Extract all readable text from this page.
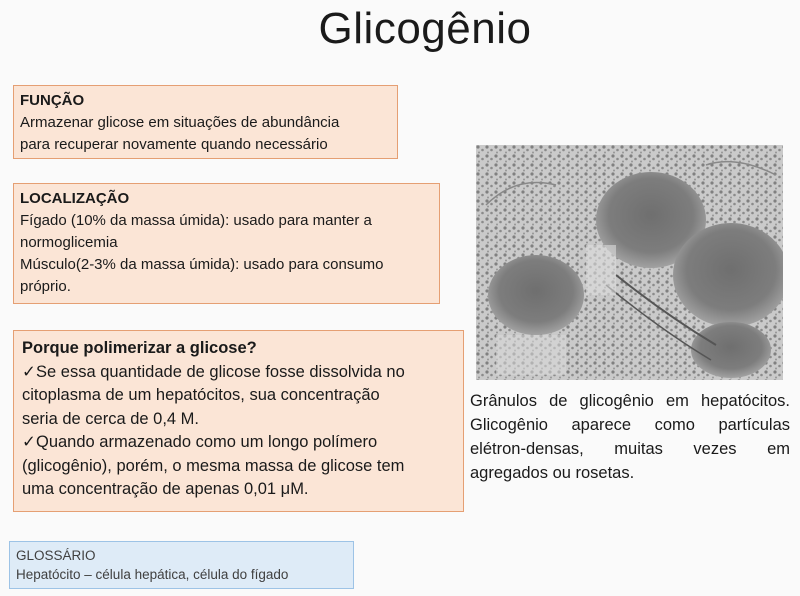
Glicogênio
FUNÇÃO
Armazenar glicose em situações de abundância
para recuperar novamente quando necessário
LOCALIZAÇÃO
Fígado (10% da massa úmida): usado para manter a
normoglicemia
Músculo(2-3% da massa úmida): usado para consumo
próprio.
Porque polimerizar a glicose?
✓Se essa quantidade de glicose fosse dissolvida no
citoplasma de um hepatócitos, sua concentração
seria de cerca de 0,4 M.
✓Quando armazenado como um longo polímero
(glicogênio), porém, o mesma massa de glicose tem
uma concentração de apenas 0,01 μM.
GLOSSÁRIO
Hepatócito – célula hepática, célula do fígado
Grânulos de glicogênio em hepatócitos. Glicogênio aparece como partículas elétron-densas, muitas vezes em agregados ou rosetas.
